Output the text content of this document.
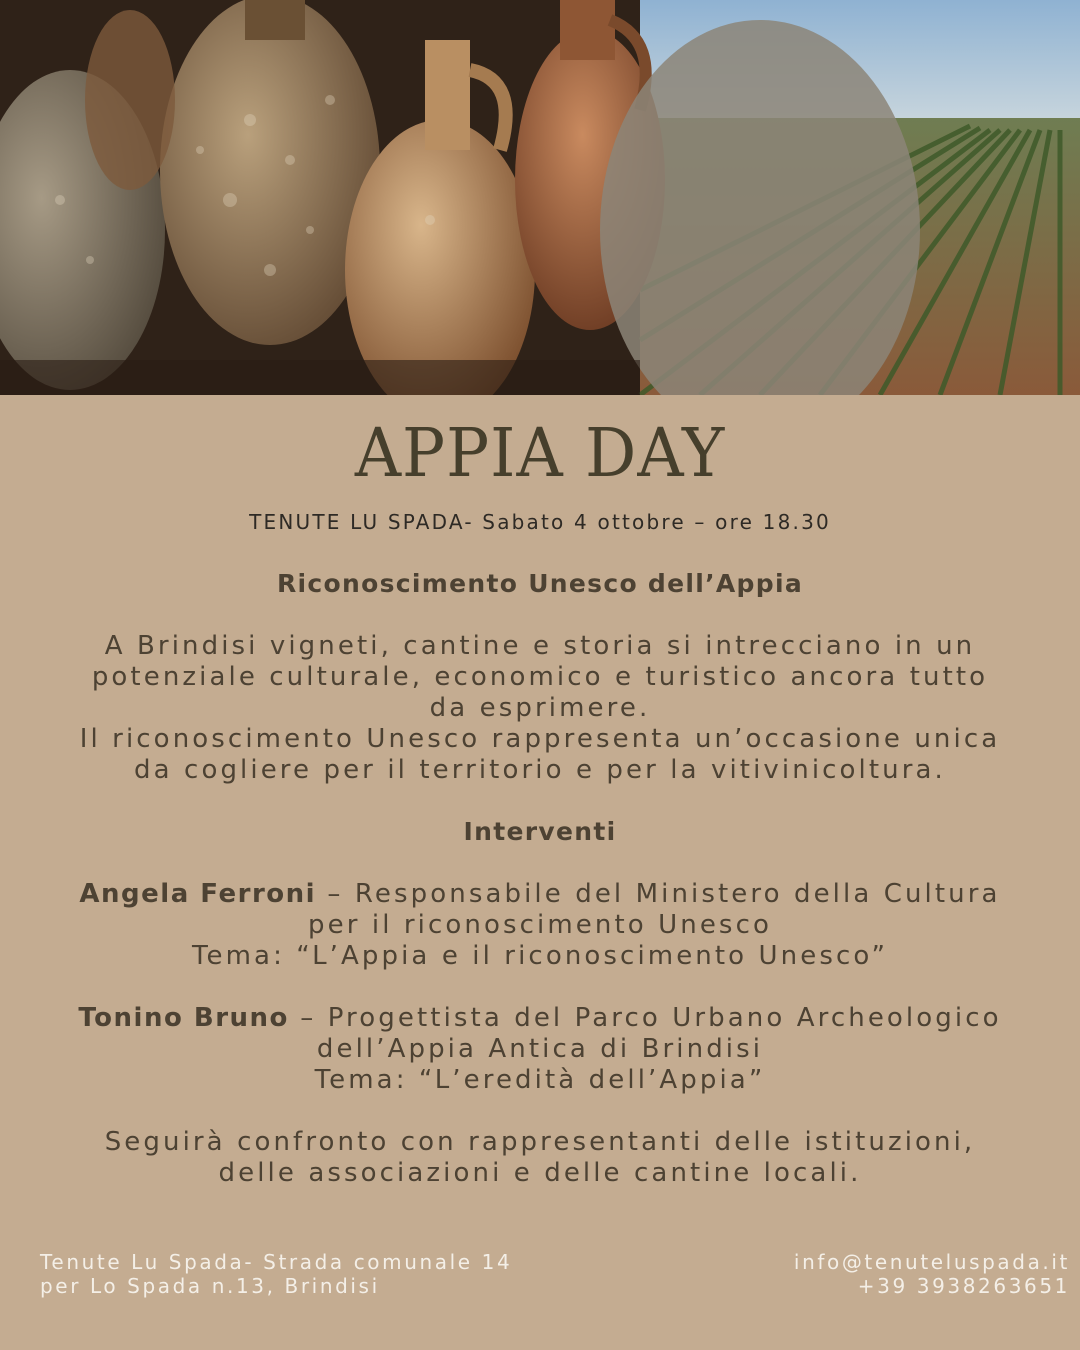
APPIA DAY
TENUTE LU SPADA- Sabato 4 ottobre – ore 18.30
Riconoscimento Unesco dell’Appia
A Brindisi vigneti, cantine e storia si intrecciano in un
potenziale culturale, economico e turistico ancora tutto
da esprimere.
Il riconoscimento Unesco rappresenta un’occasione unica
da cogliere per il territorio e per la vitivinicoltura.
Interventi
Angela Ferroni – Responsabile del Ministero della Cultura
per il riconoscimento Unesco
Tema: “L’Appia e il riconoscimento Unesco”
Tonino Bruno – Progettista del Parco Urbano Archeologico
dell’Appia Antica di Brindisi
Tema: “L’eredità dell’Appia”
Seguirà confronto con rappresentanti delle istituzioni,
delle associazioni e delle cantine locali.
Tenute Lu Spada- Strada comunale 14
per Lo Spada n.13, Brindisi
info@tenuteluspada.it
+39 3938263651
